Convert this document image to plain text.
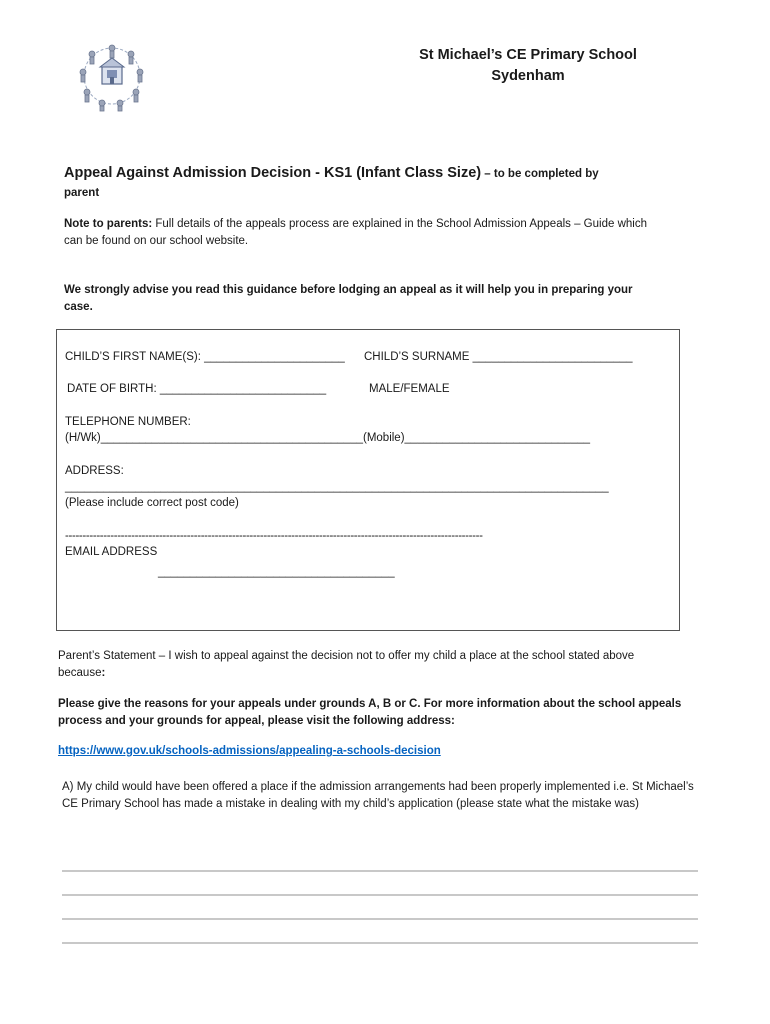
St Michael’s CE Primary School
Sydenham
Appeal Against Admission Decision - KS1 (Infant Class Size) – to be completed by
parent
Note to parents: Full details of the appeals process are explained in the School Admission Appeals – Guide which can be found on our school website.
We strongly advise you read this guidance before lodging an appeal as it will help you in preparing your case.
CHILD’S FIRST NAME(S): ______________________ CHILD’S SURNAME _________________________
DATE OF BIRTH: __________________________	MALE/FEMALE
TELEPHONE NUMBER:
(H/Wk)_________________________________________(Mobile)_____________________________
ADDRESS:
_____________________________________________________________________________________
(Please include correct post code)
------------------------------------------------------------------------------------------------------------------------
EMAIL ADDRESS
_____________________________________
Parent’s Statement – I wish to appeal against the decision not to offer my child a place at the school stated above because:
Please give the reasons for your appeals under grounds A, B or C. For more information about the school appeals process and your grounds for appeal, please visit the following address:
https://www.gov.uk/schools-admissions/appealing-a-schools-decision
A) My child would have been offered a place if the admission arrangements had been properly implemented i.e. St Michael’s CE Primary School has made a mistake in dealing with my child’s application (please state what the mistake was)
